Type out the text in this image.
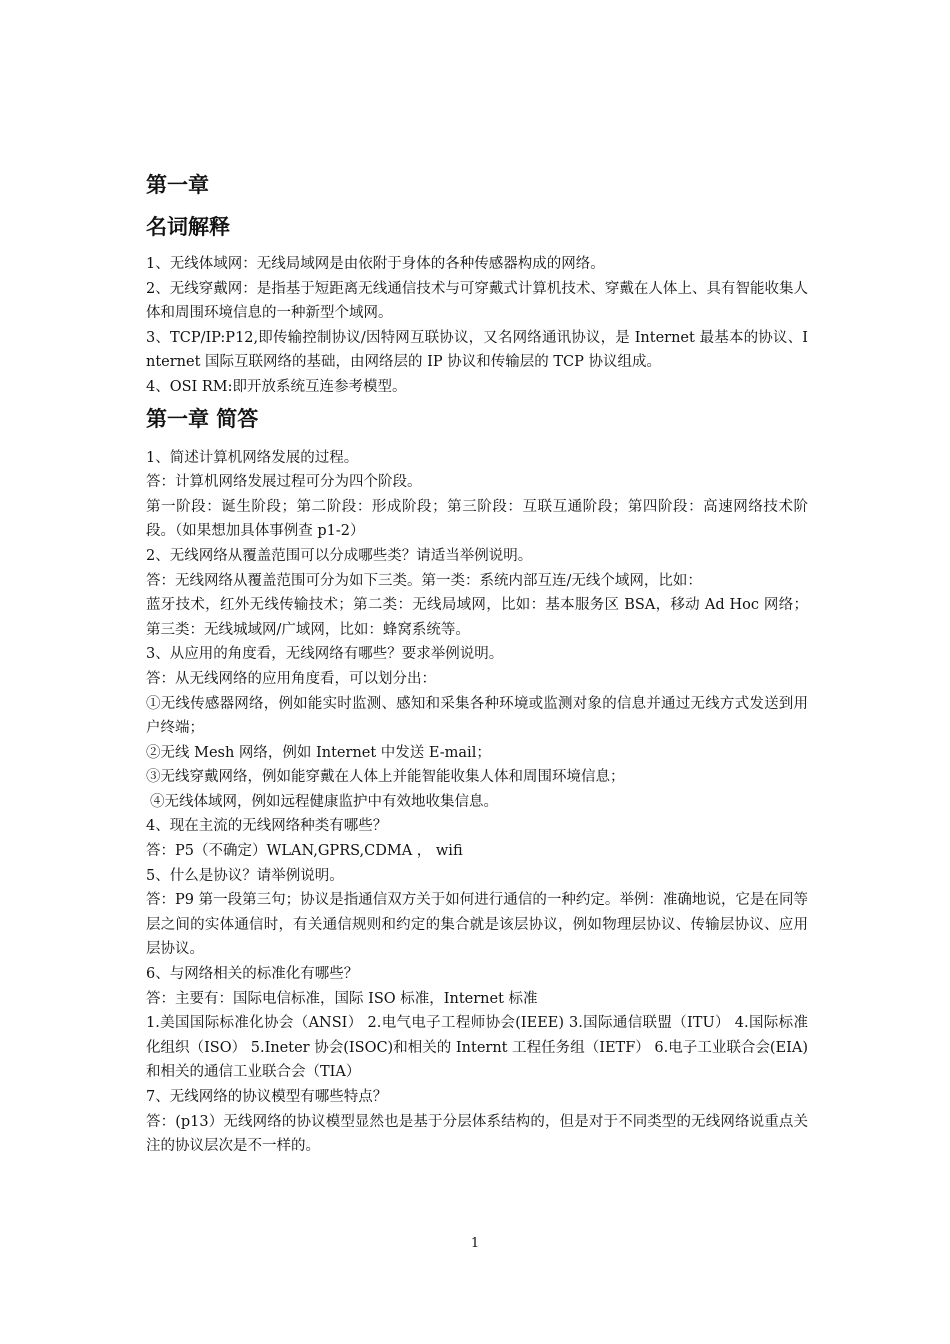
第一章
名词解释

1、无线体域网：无线局域网是由依附于身体的各种传感器构成的网络。

2、无线穿戴网：是指基于短距离无线通信技术与可穿戴式计算机技术、穿戴在人体上、具有智能收集人体和周围环境信息的一种新型个域网。

3、TCP/IP:P12,即传输控制协议/因特网互联协议，又名网络通讯协议，是 Internet 最基本的协议、Internet 国际互联网络的基础，由网络层的 IP 协议和传输层的 TCP 协议组成。

4、OSI RM:即开放系统互连参考模型。

第一章 简答

1、简述计算机网络发展的过程。

答：计算机网络发展过程可分为四个阶段。

第一阶段：诞生阶段；第二阶段：形成阶段；第三阶段：互联互通阶段；第四阶段：高速网络技术阶段。（如果想加具体事例查 p1-2）

2、无线网络从覆盖范围可以分成哪些类？请适当举例说明。

答：无线网络从覆盖范围可分为如下三类。第一类：系统内部互连/无线个域网，比如：

蓝牙技术，红外无线传输技术；第二类：无线局域网，比如：基本服务区 BSA，移动 Ad Hoc 网络；第三类：无线城域网/广域网，比如：蜂窝系统等。

3、从应用的角度看，无线网络有哪些？要求举例说明。

答：从无线网络的应用角度看，可以划分出：

①无线传感器网络，例如能实时监测、感知和采集各种环境或监测对象的信息并通过无线方式发送到用户终端；

②无线 Mesh 网络，例如 Internet 中发送 E-mail；

③无线穿戴网络，例如能穿戴在人体上并能智能收集人体和周围环境信息；

④无线体域网，例如远程健康监护中有效地收集信息。

4、现在主流的无线网络种类有哪些？

答：P5（不确定）WLAN,GPRS,CDMA ， wifi

5、什么是协议？请举例说明。

答：P9 第一段第三句；协议是指通信双方关于如何进行通信的一种约定。举例：准确地说，它是在同等层之间的实体通信时，有关通信规则和约定的集合就是该层协议，例如物理层协议、传输层协议、应用层协议。

6、与网络相关的标准化有哪些？

答：主要有：国际电信标准，国际 ISO 标准，Internet 标准

1.美国国际标准化协会（ANSI） 2.电气电子工程师协会(IEEE) 3.国际通信联盟（ITU） 4.国际标准化组织（ISO） 5.Ineter 协会(ISOC)和相关的 Internt 工程任务组（IETF） 6.电子工业联合会(EIA)和相关的通信工业联合会（TIA）

7、无线网络的协议模型有哪些特点？

答：(p13）无线网络的协议模型显然也是基于分层体系结构的，但是对于不同类型的无线网络说重点关注的协议层次是不一样的。

1
